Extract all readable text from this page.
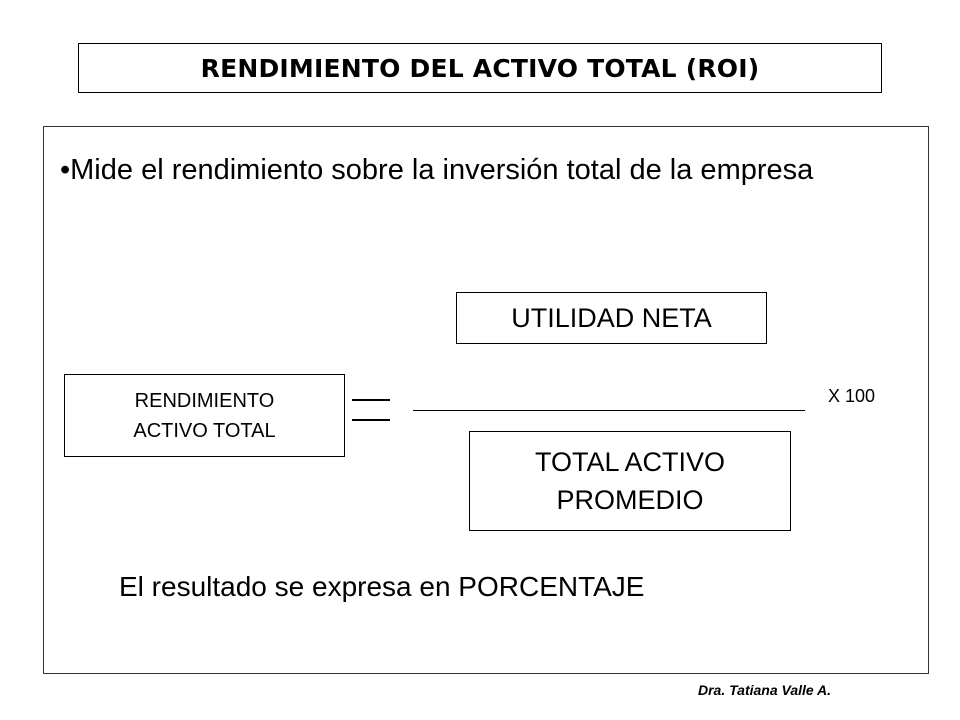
RENDIMIENTO DEL ACTIVO TOTAL (ROI)
•Mide el rendimiento sobre la inversión total de la empresa
UTILIDAD NETA
RENDIMIENTO
ACTIVO TOTAL
X 100
TOTAL ACTIVO
PROMEDIO
El resultado se expresa en PORCENTAJE
Dra. Tatiana Valle A.
